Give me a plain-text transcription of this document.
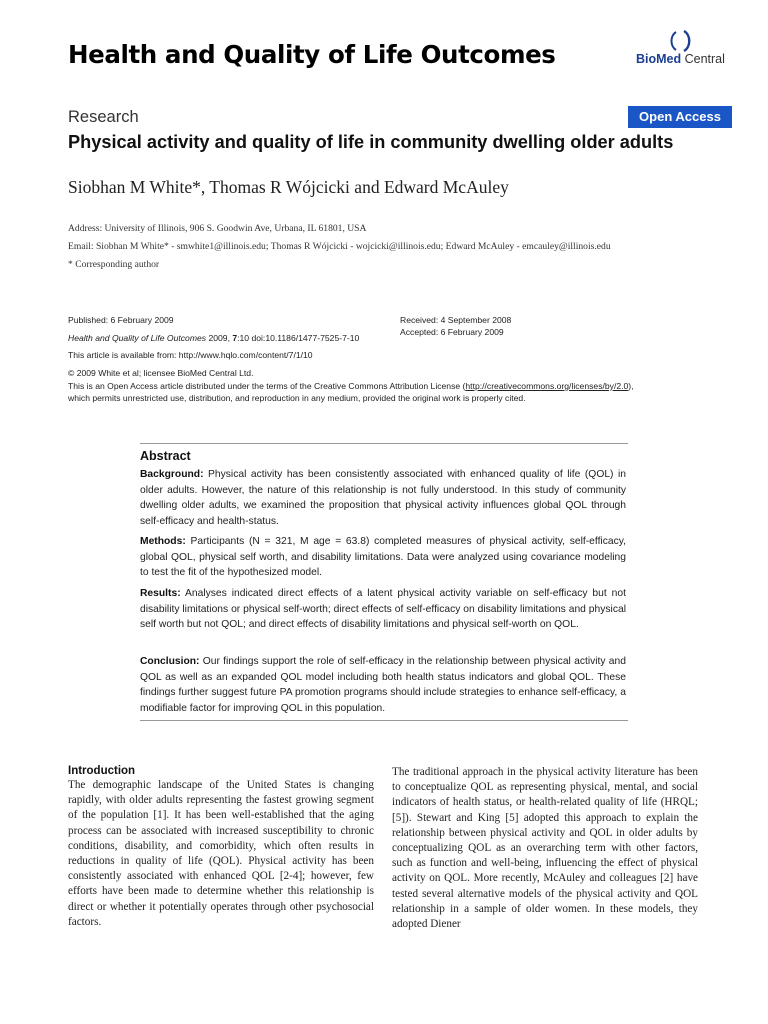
Health and Quality of Life Outcomes	BioMed Central
Research	Open Access
Physical activity and quality of life in community dwelling older adults
Siobhan M White*, Thomas R Wójcicki and Edward McAuley
Address: University of Illinois, 906 S. Goodwin Ave, Urbana, IL 61801, USA
Email: Siobhan M White* - smwhite1@illinois.edu; Thomas R Wójcicki - wojcicki@illinois.edu; Edward McAuley - emcauley@illinois.edu
* Corresponding author
Published: 6 February 2009
Health and Quality of Life Outcomes 2009, 7:10 doi:10.1186/1477-7525-7-10
This article is available from: http://www.hqlo.com/content/7/1/10
Received: 4 September 2008
Accepted: 6 February 2009
© 2009 White et al; licensee BioMed Central Ltd.
This is an Open Access article distributed under the terms of the Creative Commons Attribution License (http://creativecommons.org/licenses/by/2.0),
which permits unrestricted use, distribution, and reproduction in any medium, provided the original work is properly cited.
Abstract
Background: Physical activity has been consistently associated with enhanced quality of life (QOL) in older adults. However, the nature of this relationship is not fully understood. In this study of community dwelling older adults, we examined the proposition that physical activity influences global QOL through self-efficacy and health-status.
Methods: Participants (N = 321, M age = 63.8) completed measures of physical activity, self-efficacy, global QOL, physical self worth, and disability limitations. Data were analyzed using covariance modeling to test the fit of the hypothesized model.
Results: Analyses indicated direct effects of a latent physical activity variable on self-efficacy but not disability limitations or physical self-worth; direct effects of self-efficacy on disability limitations and physical self worth but not QOL; and direct effects of disability limitations and physical self-worth on QOL.
Conclusion: Our findings support the role of self-efficacy in the relationship between physical activity and QOL as well as an expanded QOL model including both health status indicators and global QOL. These findings further suggest future PA promotion programs should include strategies to enhance self-efficacy, a modifiable factor for improving QOL in this population.
Introduction
The demographic landscape of the United States is changing rapidly, with older adults representing the fastest growing segment of the population [1]. It has been well-established that the aging process can be associated with increased susceptibility to chronic conditions, disability, and comorbidity, which often results in reductions in quality of life (QOL). Physical activity has been consistently associated with enhanced QOL [2-4]; however, few efforts have been made to determine whether this relationship is direct or whether it potentially operates through other psychosocial factors.
The traditional approach in the physical activity literature has been to conceptualize QOL as representing physical, mental, and social indicators of health status, or health-related quality of life (HRQL; [5]). Stewart and King [5] adopted this approach to explain the relationship between physical activity and QOL in older adults by conceptualizing QOL as an overarching term with other factors, such as function and well-being, influencing the effect of physical activity on QOL. More recently, McAuley and colleagues [2] have tested several alternative models of the physical activity and QOL relationship in a sample of older women. In these models, they adopted Diener
